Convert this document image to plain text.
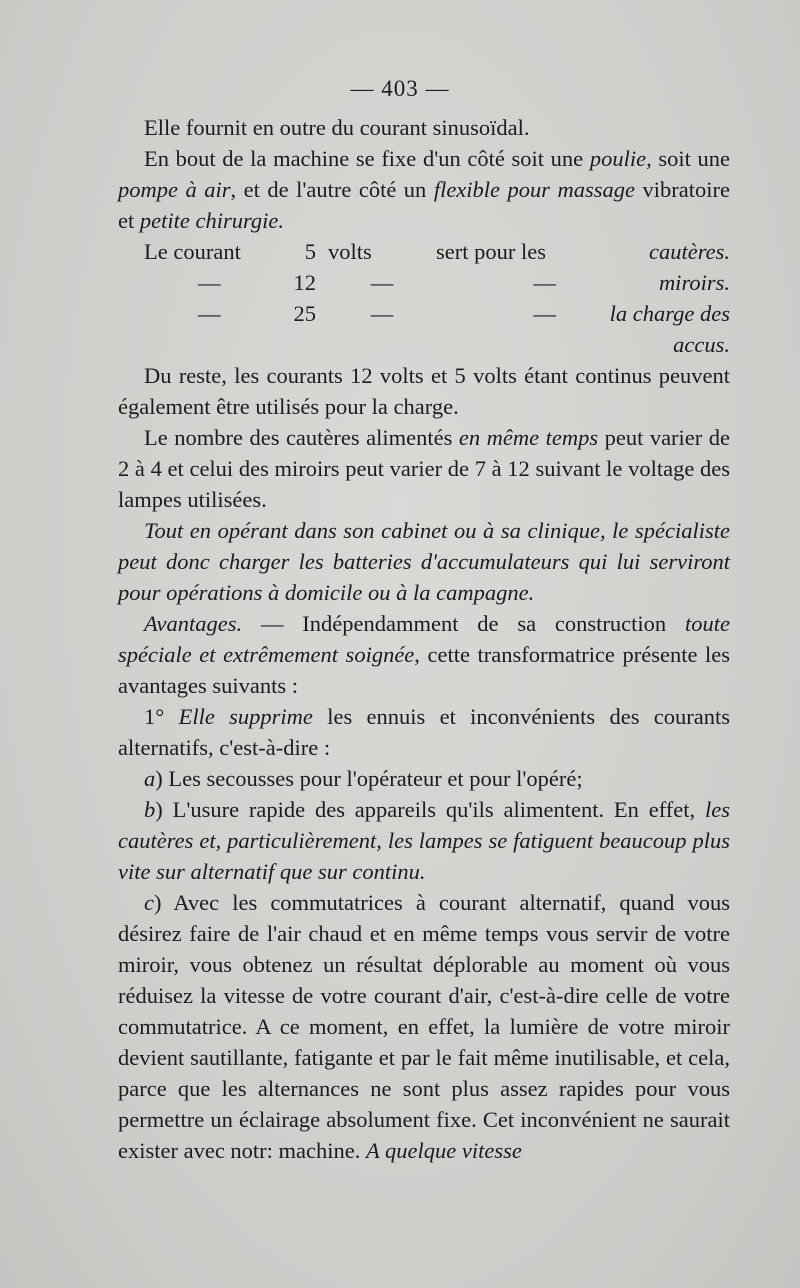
— 403 —

Elle fournit en outre du courant sinusoïdal.

En bout de la machine se fixe d'un côté soit une poulie, soit une pompe à air, et de l'autre côté un flexible pour massage vibratoire et petite chirurgie.

Le courant	5 volts	sert pour les	cautères.
—	12	—	—	miroirs.
—	25	—	—	la charge des accus.

Du reste, les courants 12 volts et 5 volts étant continus peuvent également être utilisés pour la charge.

Le nombre des cautères alimentés en même temps peut varier de 2 à 4 et celui des miroirs peut varier de 7 à 12 suivant le voltage des lampes utilisées.

Tout en opérant dans son cabinet ou à sa clinique, le spécialiste peut donc charger les batteries d'accumulateurs qui lui serviront pour opérations à domicile ou à la campagne.

Avantages. — Indépendamment de sa construction toute spéciale et extrêmement soignée, cette transformatrice présente les avantages suivants :

1° Elle supprime les ennuis et inconvénients des courants alternatifs, c'est-à-dire :

a) Les secousses pour l'opérateur et pour l'opéré;

b) L'usure rapide des appareils qu'ils alimentent. En effet, les cautères et, particulièrement, les lampes se fatiguent beaucoup plus vite sur alternatif que sur continu.

c) Avec les commutatrices à courant alternatif, quand vous désirez faire de l'air chaud et en même temps vous servir de votre miroir, vous obtenez un résultat déplorable au moment où vous réduisez la vitesse de votre courant d'air, c'est-à-dire celle de votre commutatrice. A ce moment, en effet, la lumière de votre miroir devient sautillante, fatigante et par le fait même inutilisable, et cela, parce que les alternances ne sont plus assez rapides pour vous permettre un éclairage absolument fixe. Cet inconvénient ne saurait exister avec notr: machine. A quelque vitesse
